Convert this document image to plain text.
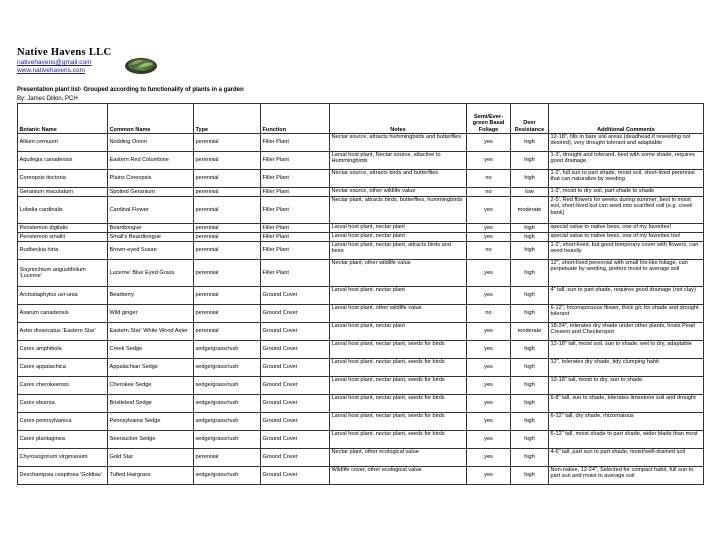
Native Havens LLC
nativehavens@gmail.com
www.nativehavens.com
Presentation plant list- Grouped according to functionality of plants in a garden
By: James Dillon, PCH
Botanic Name	Common Name	Type	Function	Notes	Semi/Ever-green Basal Foliage	Deer Resistance	Additional Comments
Allium cernuum	Nodding Onion	perennial	Filler Plant	Nectar source, attracts hummingbirds and butterflies	yes	high	12-18", fills in bare soil areas (deadhead if reseeding not desired), very drought tolerant and adaptable
Aquilegia canadensis	Eastern Red Columbine	perennial	Filler Plant	Larval host plant, Nectar source, attactive to Hummingbirds	yes	high	1-3', drought and tolerand, best with some shade, requires good drainage,
Coreopsis tinctoria	Plains Coreopsis	perennial	Filler Plant	Nectar source, attracts birds and butterflies	no	high	1-2', full sun to part shade, moist soil, short-lived perennial that can naturalize by seeding
Geranium maculatum	Spotted Geranium	perennial	Filler Plant	Nectar source, other wildlife value	no	low	1-2', moist to dry soil, part shade to shade
Lobelia cardinalis	Cardinal Flower	perennial	Filler Plant	Nectar plant, attracts birds, butterflies, hummingbirds	yes	moderate	2-5', Red flowers for weeks during summer, best in moist soil, short-lived but can seed into scarified soil (e.g. creek bank)
Penstemon digitalis	Beardtongue	perennial	Filler Plant	Larval host plant, nectar plant	yes	high	special value to native bees, one of my favorites!
Penstemon smallii	Small's Beardtongue	perennial	Filler Plant	Larval host plant, nectar plant	yes	high	special value to native bees, one of my favorites too!
Rudbeckia hirta	Brown-eyed Susan	perennial	Filler Plant	Larval host plant, nectar plant, attracts birds and bees	no	high	1-2', short-lived, but good temporary cover with flowers, can seed heavily
Sisyrinchium angustifolium 'Lucerne'	Lucerne' Blue Eyed Grass	perennial	Filler Plant	Nectar plant, other wildlife value	yes	high	12", short-lived perennial with small Iris-like foliage, can perpetuate by seeding, prefers moist to average soil
Arctostaphylos uvi-ursa	Bearberry	perennial	Ground Cover	Larval host plant, nectar plant	yes	high	4" tall, sun to part shade, requires good drainage (not clay)
Asarum canadensis	Wild ginger	perennial	Ground Cover	Larval host plant, other wildlife value	no	high	6-12", Inconspicuous flower, thick g/c for shade and drought tolerant
Aster divaricatus 'Eastern Star'	Eastern Star' White Wood Aster	perennial	Ground Cover	Larval host plant, nectar plant	yes	moderate	18-24", tolerates dry shade under other plants, hosts Pearl Cresent and Checkerspot
Carex amphibola	Creek Sedge	sedge/grass/rush	Ground Cover	Larval host plant, nectar plant, seeds for birds	yes	high	12-18" tall, moist soil, sun to shade, wet to dry, adaptable
Carex appalachica	Appalachian Sedge	sedge/grass/rush	Ground Cover	Larval host plant, nectar plant, seeds for birds	yes	high	12", tolerates dry shade, tidy clumping habit
Carex cherokeensis	Cherokee Sedge	sedge/grass/rush	Ground Cover	Larval host plant, nectar plant, seeds for birds	yes	high	12-18" tall, moist to dry, sun to shade
Carex eburnia	Bristleleaf Sedge	sedge/grass/rush	Ground Cover	Larval host plant, nectar plant, seeds for birds	yes	high	6-8" tall, sun to shade, tolerates limestone soil and drought
Carex pennsylvanica	Pennsylvania Sedge	sedge/grass/rush	Ground Cover	Larval host plant, nectar plant, seeds for birds	yes	high	6-12" tall, dry shade, rhizomatous
Carex plantaginea	Seersucker Sedge	sedge/grass/rush	Ground Cover	Larval host plant, nectar plant, seeds for birds	yes	high	6-12" tall, moist shade to part shade, wider blade than most
Chyrosogonum virginianum	Gold Star	perennial	Ground Cover	Nectar plant, other ecological value	yes	high	4-6" tall, part sun to part shade, moist/well-drained soil
Deschampsia cespitosa 'Goldtau'	Tufted Hairgrass	sedge/grass/rush	Ground Cover	Wildlife cover, other ecological value	yes	high	Non-native, 12-24", Selected for compact habit, full sun to part sun and moist to average soil
